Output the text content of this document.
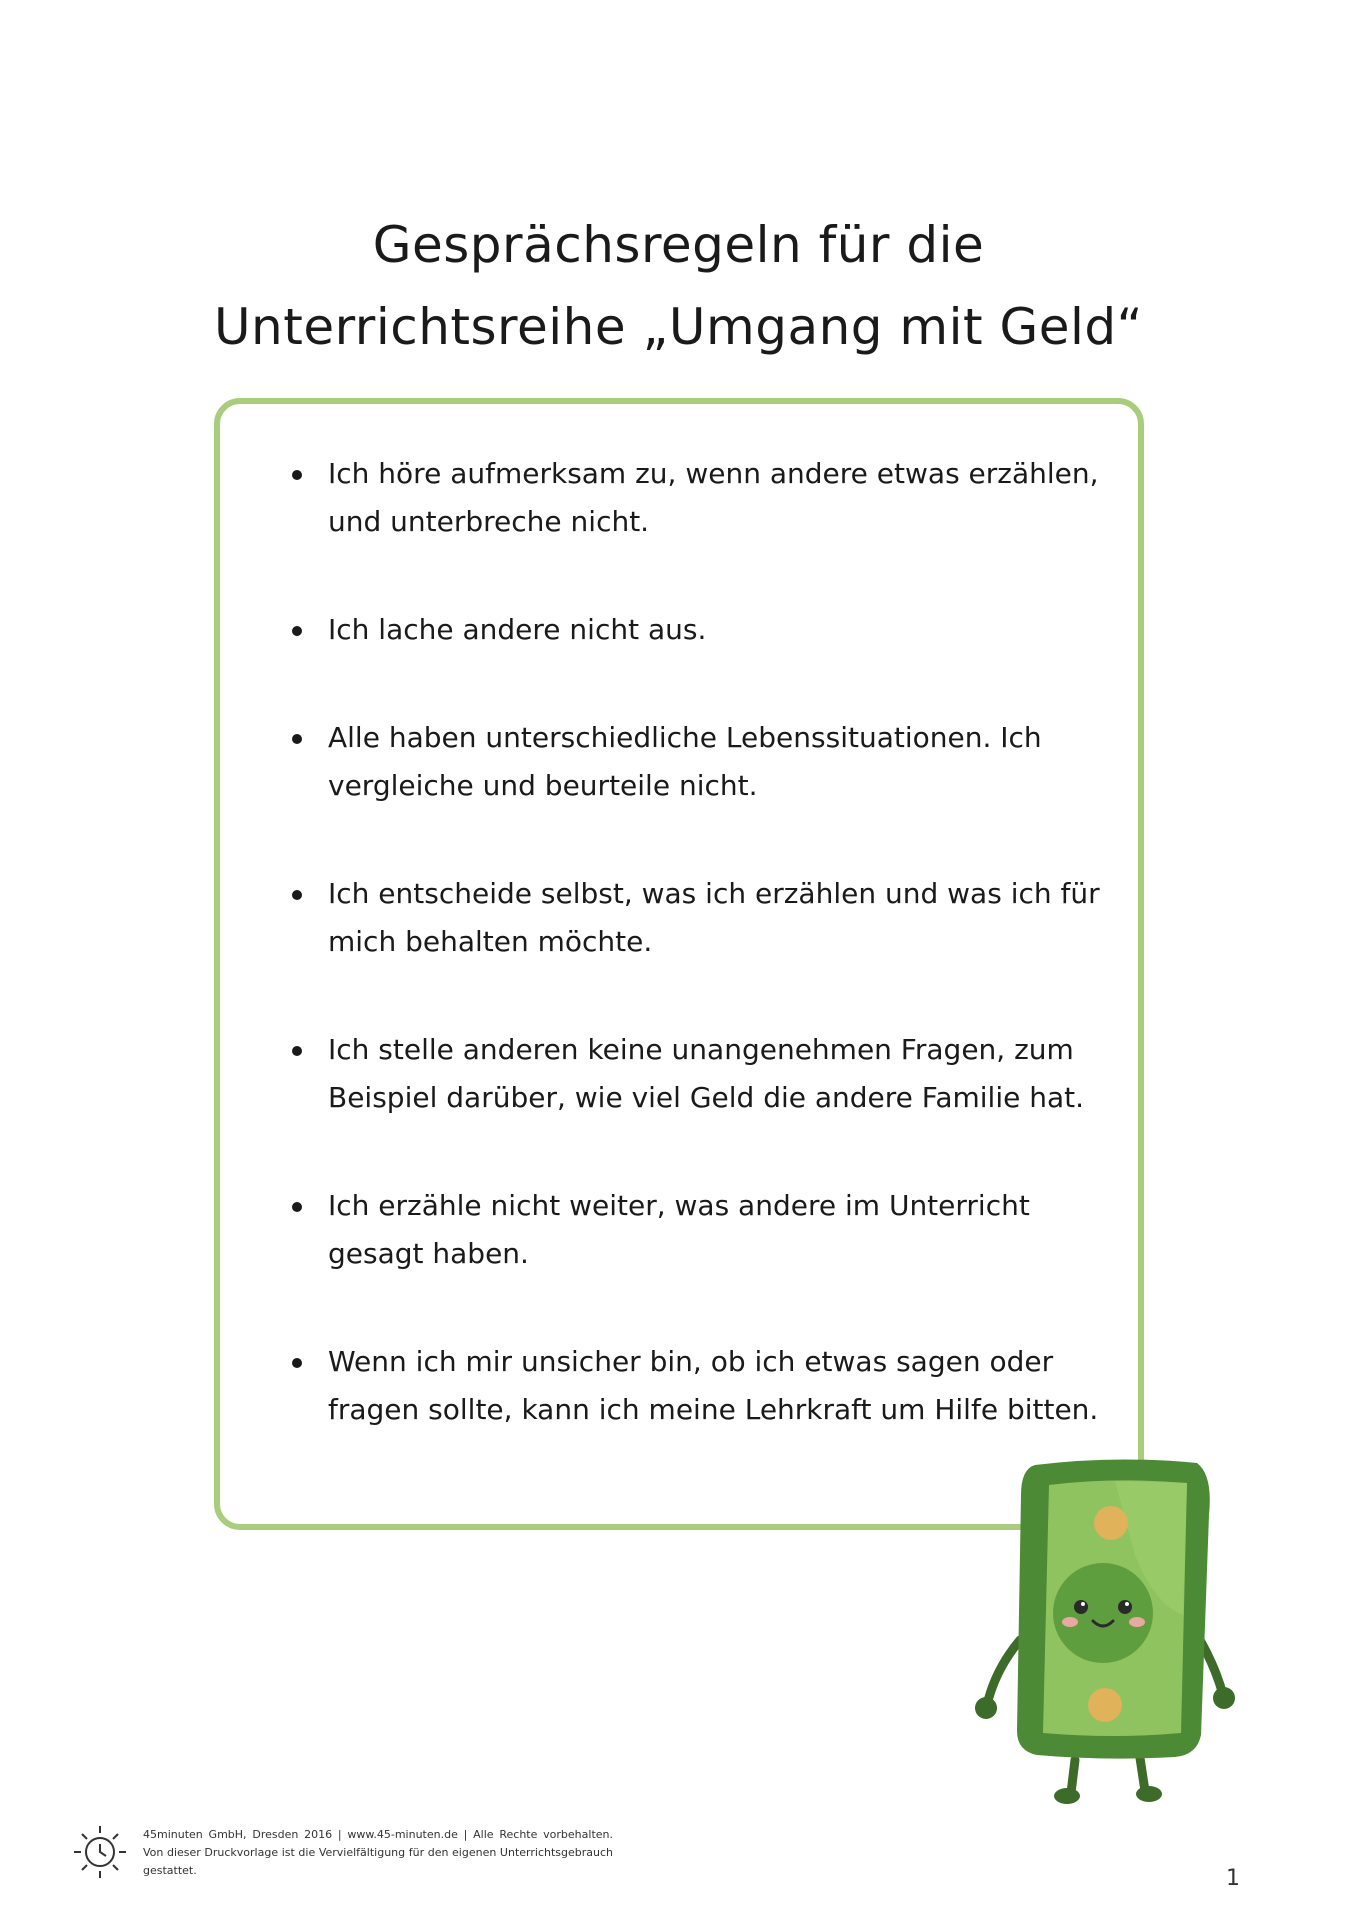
Gesprächsregeln für die
Unterrichtsreihe „Umgang mit Geld“
Ich höre aufmerksam zu, wenn andere etwas erzählen, und unterbreche nicht.
Ich lache andere nicht aus.
Alle haben unterschiedliche Lebenssituationen. Ich vergleiche und beurteile nicht.
Ich entscheide selbst, was ich erzählen und was ich für mich behalten möchte.
Ich stelle anderen keine unangenehmen Fragen, zum Beispiel darüber, wie viel Geld die andere Familie hat.
Ich erzähle nicht weiter, was andere im Unterricht gesagt haben.
Wenn ich mir unsicher bin, ob ich etwas sagen oder fragen sollte, kann ich meine Lehrkraft um Hilfe bitten.
45minuten GmbH, Dresden 2016 | www.45-minuten.de | Alle Rechte vorbehalten. Von dieser Druckvorlage ist die Vervielfältigung für den eigenen Unterrichtsgebrauch gestattet.	1
